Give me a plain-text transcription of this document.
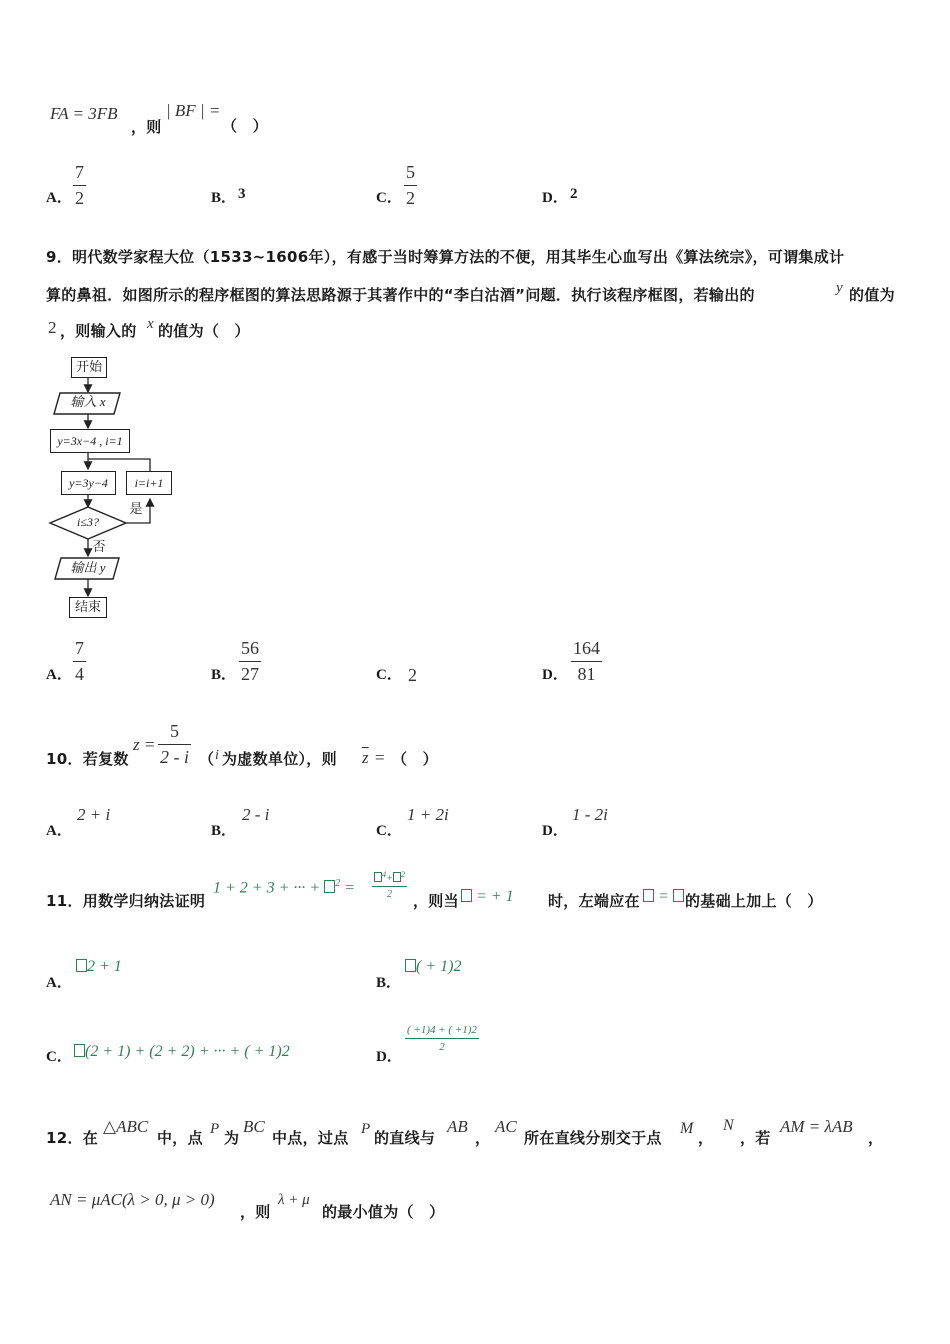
FA = 3FB
，则
| BF | =
（　）
A． $\frac{7}{2}$	B． 3	C． $\frac{5}{2}$	D． 2
9．明代数学家程大位（1533~1606年），有感于当时筹算方法的不便，用其毕生心血写出《算法统宗》，可谓集成计
算的鼻祖．如图所示的程序框图的算法思路源于其著作中的“李白沽酒”问题．执行该程序框图，若输出的	y 的值为
2 ，则输入的 x 的值为（　）
开始
输入 x
y=3x−4 , i=1
y=3y−4	i=i+1
i≤3?
是
否
输出 y
结束
A． $\frac{7}{4}$	B． $\frac{56}{27}$	C． 2	D． $\frac{164}{81}$
10．若复数
$z = \frac{5}{2 - i}$ （ i 为虚数单位），则 $\overline{z}$ = （　）
A．
2 + i
B．
2 - i
C．
1 + 2i
D．
1 - 2i
11．用数学归纳法证明
1 + 2 + 3 + ··· + $^2 = \frac{^4+ ^2}{2}$
，则当	= + 1 时，左端应在	=	的基础上加上（　）
A．
2 + 1
B．
( + 1)2
C． (2 + 1) + (2 + 2) + ··· + ( + 1)2	D．
$\frac{( +1)4 + ( +1)2}{2}$
12．在
△ABC
中，点 P 为
BC
中点，过点 P 的直线与
AB
，
AC
所在直线分别交于点
M
，
N
，若
AM = λAB
，
AN = μAC(λ > 0, μ > 0)
，则
λ + μ
的最小值为（　）
